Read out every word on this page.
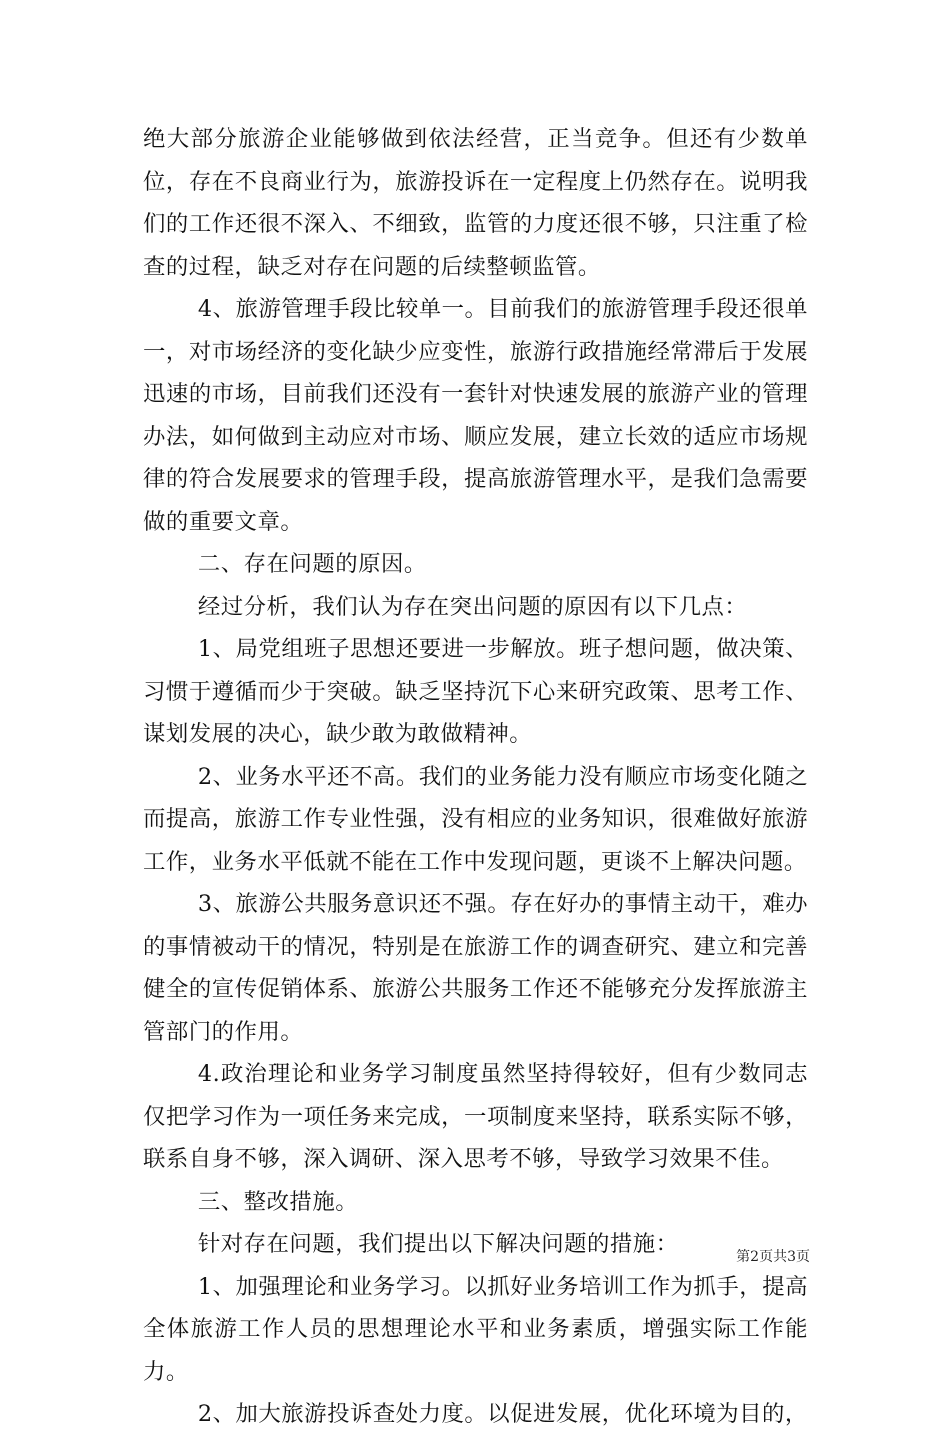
绝大部分旅游企业能够做到依法经营，正当竞争。但还有少数单位，存在不良商业行为，旅游投诉在一定程度上仍然存在。说明我们的工作还很不深入、不细致，监管的力度还很不够，只注重了检查的过程，缺乏对存在问题的后续整顿监管。

4、旅游管理手段比较单一。目前我们的旅游管理手段还很单一，对市场经济的变化缺少应变性，旅游行政措施经常滞后于发展迅速的市场，目前我们还没有一套针对快速发展的旅游产业的管理办法，如何做到主动应对市场、顺应发展，建立长效的适应市场规律的符合发展要求的管理手段，提高旅游管理水平，是我们急需要做的重要文章。

二、存在问题的原因。

经过分析，我们认为存在突出问题的原因有以下几点：

1、局党组班子思想还要进一步解放。班子想问题，做决策、习惯于遵循而少于突破。缺乏坚持沉下心来研究政策、思考工作、谋划发展的决心，缺少敢为敢做精神。

2、业务水平还不高。我们的业务能力没有顺应市场变化随之而提高，旅游工作专业性强，没有相应的业务知识，很难做好旅游工作，业务水平低就不能在工作中发现问题，更谈不上解决问题。

3、旅游公共服务意识还不强。存在好办的事情主动干，难办的事情被动干的情况，特别是在旅游工作的调查研究、建立和完善健全的宣传促销体系、旅游公共服务工作还不能够充分发挥旅游主管部门的作用。

4.政治理论和业务学习制度虽然坚持得较好，但有少数同志仅把学习作为一项任务来完成，一项制度来坚持，联系实际不够，联系自身不够，深入调研、深入思考不够，导致学习效果不佳。

三、整改措施。

针对存在问题，我们提出以下解决问题的措施：

1、加强理论和业务学习。以抓好业务培训工作为抓手，提高全体旅游工作人员的思想理论水平和业务素质，增强实际工作能力。

2、加大旅游投诉查处力度。以促进发展，优化环境为目的，

第2页共3页
